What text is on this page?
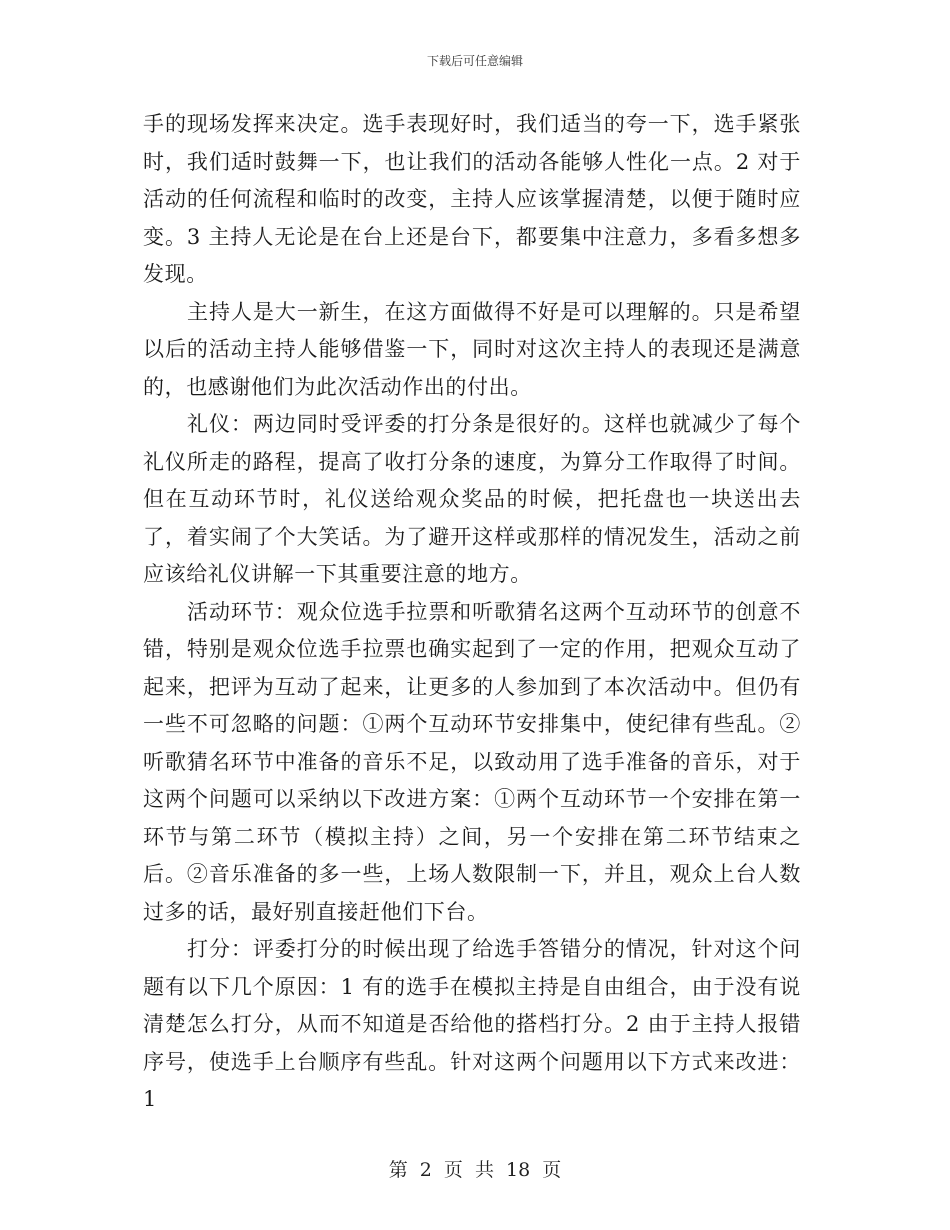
下载后可任意编辑

手的现场发挥来决定。选手表现好时，我们适当的夸一下，选手紧张时，我们适时鼓舞一下，也让我们的活动各能够人性化一点。2 对于活动的任何流程和临时的改变，主持人应该掌握清楚，以便于随时应变。3 主持人无论是在台上还是台下，都要集中注意力，多看多想多发现。

主持人是大一新生，在这方面做得不好是可以理解的。只是希望以后的活动主持人能够借鉴一下，同时对这次主持人的表现还是满意的，也感谢他们为此次活动作出的付出。

礼仪：两边同时受评委的打分条是很好的。这样也就减少了每个礼仪所走的路程，提高了收打分条的速度，为算分工作取得了时间。但在互动环节时，礼仪送给观众奖品的时候，把托盘也一块送出去了，着实闹了个大笑话。为了避开这样或那样的情况发生，活动之前应该给礼仪讲解一下其重要注意的地方。

活动环节：观众位选手拉票和听歌猜名这两个互动环节的创意不错，特别是观众位选手拉票也确实起到了一定的作用，把观众互动了起来，把评为互动了起来，让更多的人参加到了本次活动中。但仍有一些不可忽略的问题：①两个互动环节安排集中，使纪律有些乱。②听歌猜名环节中准备的音乐不足，以致动用了选手准备的音乐，对于这两个问题可以采纳以下改进方案：①两个互动环节一个安排在第一环节与第二环节（模拟主持）之间，另一个安排在第二环节结束之后。②音乐准备的多一些，上场人数限制一下，并且，观众上台人数过多的话，最好别直接赶他们下台。

打分：评委打分的时候出现了给选手答错分的情况，针对这个问题有以下几个原因：1 有的选手在模拟主持是自由组合，由于没有说清楚怎么打分，从而不知道是否给他的搭档打分。2 由于主持人报错序号，使选手上台顺序有些乱。针对这两个问题用以下方式来改进：1

第 2 页 共 18 页
